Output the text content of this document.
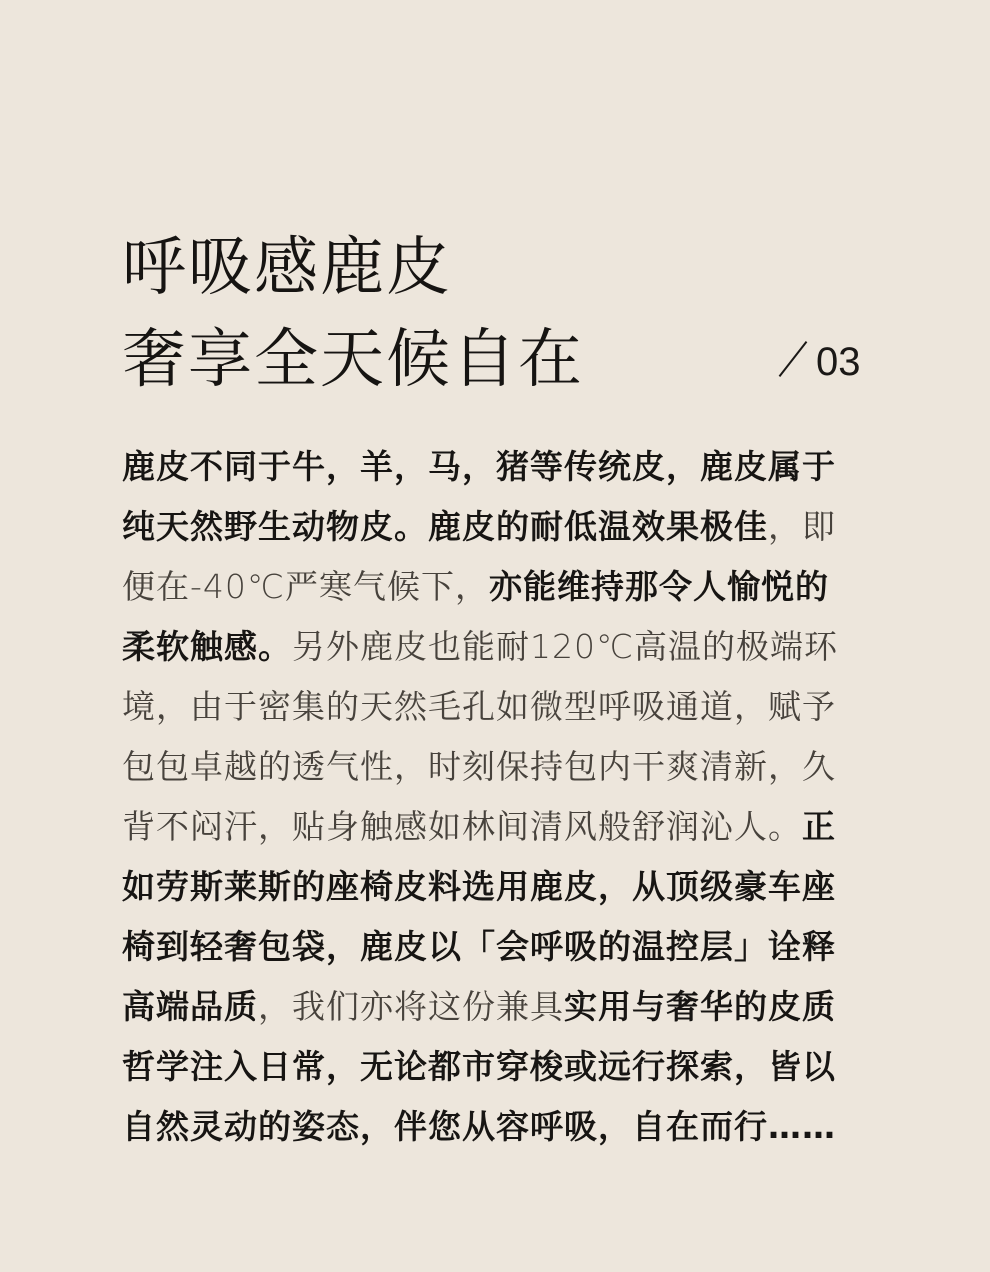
呼吸感鹿皮
奢享全天候自在	03
鹿皮不同于牛，羊，马，猪等传统皮，鹿皮属于
纯天然野生动物皮。鹿皮的耐低温效果极佳，即
便在-40℃严寒气候下，亦能维持那令人愉悦的
柔软触感。另外鹿皮也能耐120℃高温的极端环
境，由于密集的天然毛孔如微型呼吸通道，赋予
包包卓越的透气性，时刻保持包内干爽清新，久
背不闷汗，贴身触感如林间清风般舒润沁人。正
如劳斯莱斯的座椅皮料选用鹿皮，从顶级豪车座
椅到轻奢包袋，鹿皮以「会呼吸的温控层」诠释
高端品质，我们亦将这份兼具实用与奢华的皮质
哲学注入日常，无论都市穿梭或远行探索，皆以
自然灵动的姿态，伴您从容呼吸，自在而行……
